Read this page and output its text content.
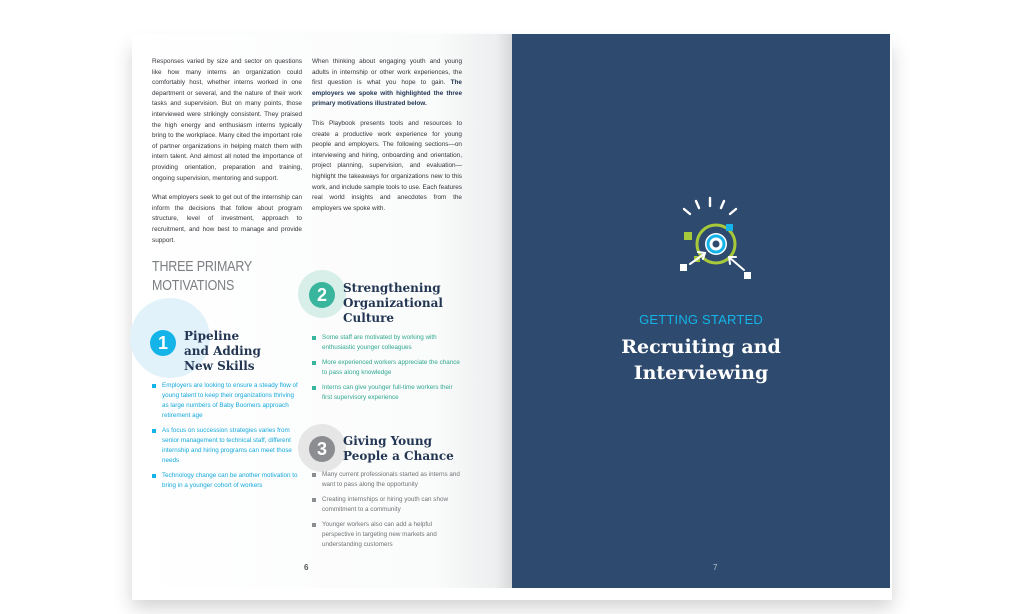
Responses varied by size and sector on questions like how many interns an organization could comfortably host, whether interns worked in one department or several, and the nature of their work tasks and supervision. But on many points, those interviewed were strikingly consistent. They praised the high energy and enthusiasm interns typically bring to the workplace. Many cited the important role of partner organizations in helping match them with intern talent. And almost all noted the importance of providing orientation, preparation and training, ongoing supervision, mentoring and support.

What employers seek to get out of the internship can inform the decisions that follow about program structure, level of investment, approach to recruitment, and how best to manage and provide support.

When thinking about engaging youth and young adults in internship or other work experiences, the first question is what you hope to gain. The employers we spoke with highlighted the three primary motivations illustrated below.

This Playbook presents tools and resources to create a productive work experience for young people and employers. The following sections—on interviewing and hiring, onboarding and orientation, project planning, supervision, and evaluation—highlight the takeaways for organizations new to this work, and include sample tools to use. Each features real world insights and anecdotes from the employers we spoke with.

THREE PRIMARY MOTIVATIONS
1	Pipeline
and Adding
New Skills
Employers are looking to ensure a steady flow of young talent to keep their organizations thriving as large numbers of Baby Boomers approach retirement age
As focus on succession strategies varies from senior management to technical staff, different internship and hiring programs can meet those needs
Technology change can be another motivation to bring in a younger cohort of workers
2	Strengthening
Organizational
Culture
Some staff are motivated by working with enthusiastic younger colleagues
More experienced workers appreciate the chance to pass along knowledge
Interns can give younger full-time workers their first supervisory experience
3	Giving Young
People a Chance
Many current professionals started as interns and want to pass along the opportunity
Creating internships or hiring youth can show commitment to a community
Younger workers also can add a helpful perspective in targeting new markets and understanding customers
6
GETTING STARTED
Recruiting and
Interviewing
7
